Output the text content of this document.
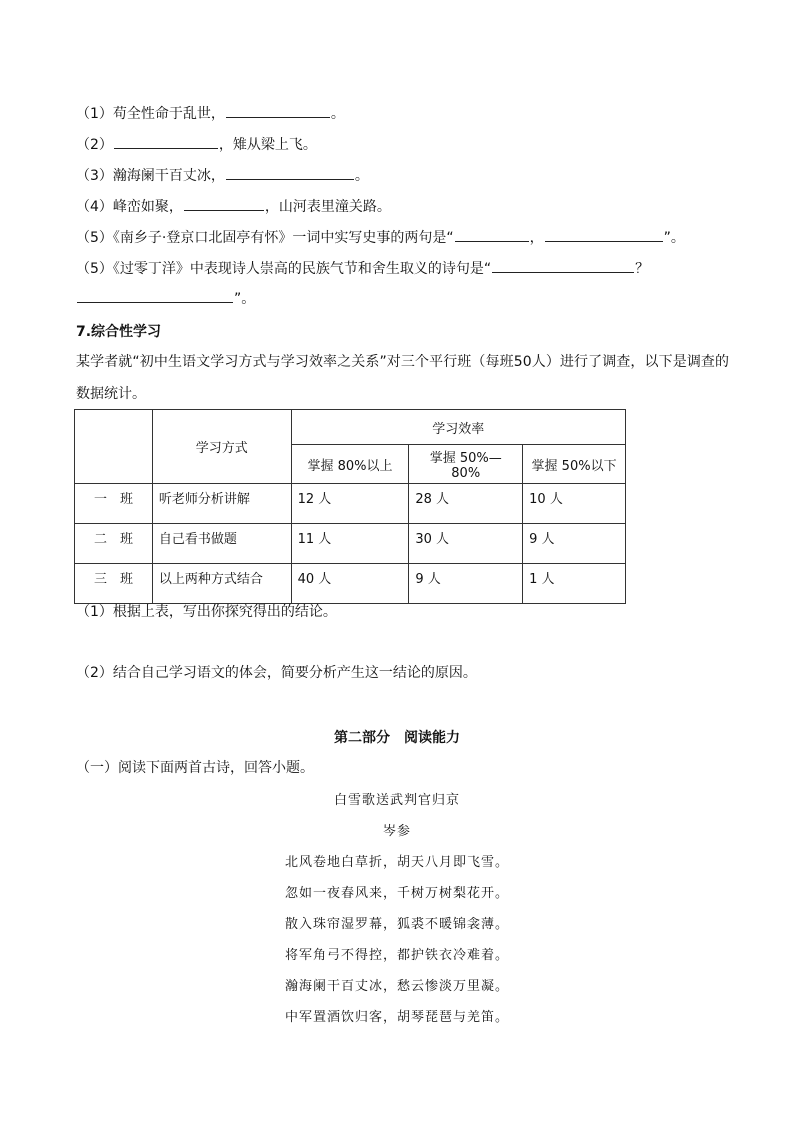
（1）苟全性命于乱世，	。
（2）	，雉从梁上飞。
（3）瀚海阑干百丈冰，	。
（4）峰峦如聚，	，山河表里潼关路。
（5）《南乡子·登京口北固亭有怀》一词中实写史事的两句是“	，	”。
（5）《过零丁洋》中表现诗人崇高的民族气节和舍生取义的诗句是“	？
”。
7.综合性学习
某学者就“初中生语文学习方式与学习效率之关系”对三个平行班（每班50人）进行了调查，以下是调查的
数据统计。
	学习方式	学习效率		
		掌握 80%以上	掌握 50%—80%	掌握 50%以下
一　班	听老师分析讲解	12 人	28 人	10 人
二　班	自己看书做题	11 人	30 人	9 人
三　班	以上两种方式结合	40 人	9 人	1 人
（1）根据上表，写出你探究得出的结论。
（2）结合自己学习语文的体会，简要分析产生这一结论的原因。
第二部分　阅读能力
（一）阅读下面两首古诗，回答小题。
白雪歌送武判官归京
岑参
北风卷地白草折，胡天八月即飞雪。
忽如一夜春风来，千树万树梨花开。
散入珠帘湿罗幕，狐裘不暖锦衾薄。
将军角弓不得控，都护铁衣冷难着。
瀚海阑干百丈冰，愁云惨淡万里凝。
中军置酒饮归客，胡琴琵琶与羌笛。
